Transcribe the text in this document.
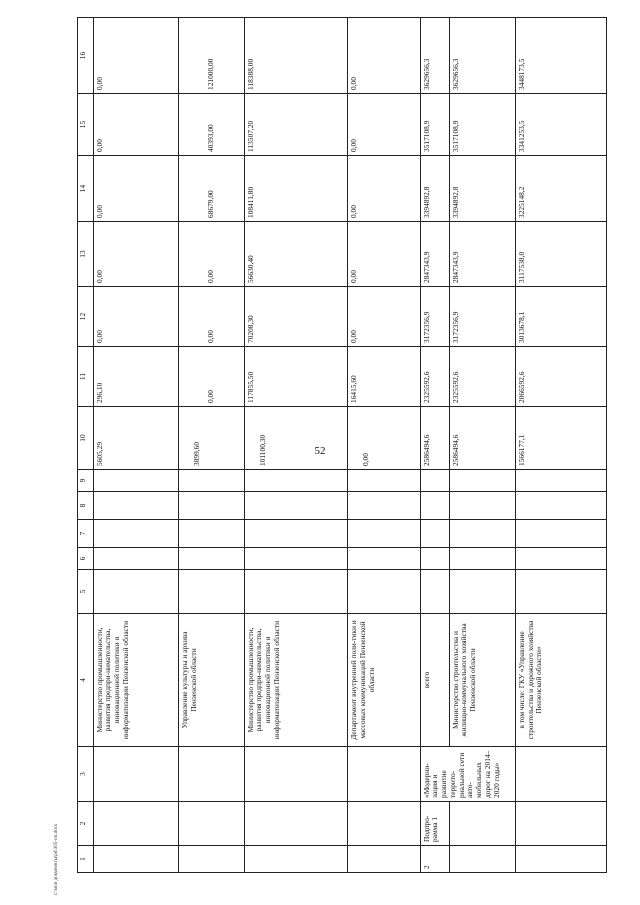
52
c:\мои документы\pd\305-пп.docx	1	2	3	4	5	6	7	8	9	10	11	12	13	14	15	16
			Министерство промышленности, развития предпри-нимательства, инновационной политики и информатизации Пензенской области						5605,29	296,10	0,00	0,00	0,00	0,00	0,00
			Управление культуры и архива Пензенской области						3899,60	0,00	0,00	0,00	68679,00	40393,00	121000,00
			Министерство промышленности, развития предпри-нимательства, инновационной политики и информатизации Пензенской области						101100,30	117855,50	70208,30	56630,40	108411,80	113507,20	118388,00
			Департамент внутренней поли-тики и массовых коммуникаций Пензенской области						0,00	16415,60	0,00	0,00	0,00	0,00	0,00
2	Подпро-рамма 1	«Модерни-зация и развитие террито-риальной сети авто-мобильных дорог на 2014–2020 годы»	всего						2586494,6	2325592,6	3172356,9	2847343,9	3394892,8	3517108,9	3629656,3
			Министерство строительства и жилищно-коммунального хозяйства Пензенской области						2586494,6	2325592,6	3172356,9	2847343,9	3394892,8	3517108,9	3629656,3
			в том числе: ГКУ «Управление строительства и дорожного хозяйства Пензенской области»						1566177,1	2066592,6	3013678,1	3117538,0	3225148,2	3341253,5	3448173,5
